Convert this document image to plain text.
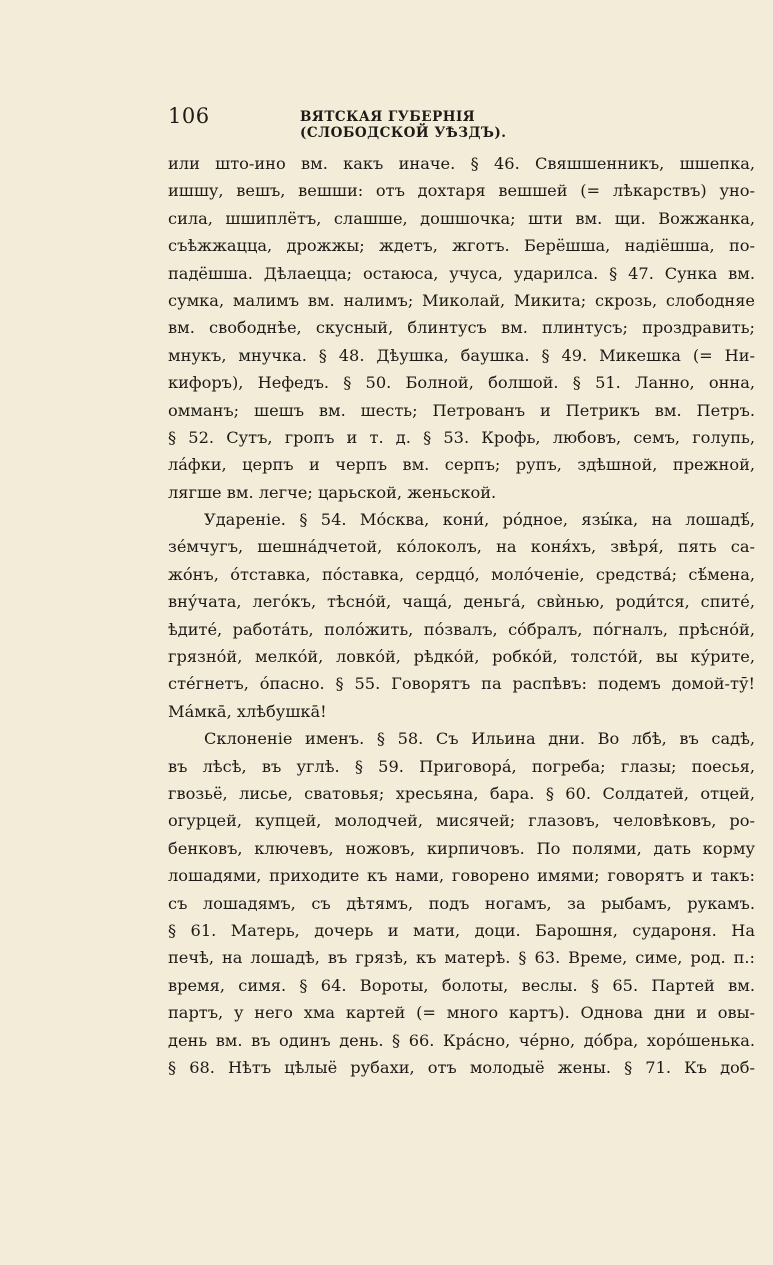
106	ВЯТСКАЯ ГУБЕРНІЯ (СЛОБОДСКОЙ УѢЗДЪ).
или што-ино вм. какъ иначе. § 46. Свяшшенникъ, шшепка,
ишшу, вешъ, вешши: отъ дохтаря вешшей (= лѣкарствъ) уно-
сила, шшиплётъ, слашше, дошшочка; шти вм. щи. Вожжанка,
съѣжжацца, дрожжы; ждетъ, жготъ. Берёшша, надiёшша, по-
падёшша. Дѣлаецца; остаюса, учуса, ударилса. § 47. Сунка вм.
сумка, малимъ вм. налимъ; Миколай, Микита; скрозь, слободняе
вм. свободнѣе, скусный, блинтусъ вм. плинтусъ; проздравить;
мнукъ, мнучка. § 48. Дѣушка, баушка. § 49. Микешка (= Ни-
кифоръ), Нефедъ. § 50. Болной, болшой. § 51. Ланно, онна,
омманъ; шешъ вм. шесть; Петрованъ и Петрикъ вм. Петръ.
§ 52. Сутъ, гропъ и т. д. § 53. Крофь, любовъ, семъ, голупь,
лáфки, церпъ и черпъ вм. серпъ; рупъ, здѣшной, прежной,
лягше вм. легче; царьской, женьской.
Удареніе. § 54. Мóсква, кони́, рóдное, язы́ка, на лошадѣ́,
зéмчугъ, шешнáдчетой, кóлоколъ, на коня́хъ, звѣря́, пять са-
жóнъ, óтставка, пóставка, сердцó, молóченіе, средствá; сѣ́мена,
вну́чата, легóкъ, тѣснóй, чащá, деньгá, свѝнью, роди́тся, спитé,
ѣдитé, работáть, полóжить, пóзвалъ, сóбралъ, пóгналъ, прѣснóй,
грязнóй, мелкóй, ловкóй, рѣдкóй, робкóй, толстóй, вы ку́рите,
стéгнетъ, óпасно. § 55. Говорятъ па распѣвъ: подемъ домой-тӯ!
Мáмка̄, хлѣбушка̄!
Склоненіе именъ. § 58. Съ Ильина дни. Во лбѣ, въ садѣ,
въ лѣсѣ, въ углѣ. § 59. Приговорá, погреба; глазы; поесья,
гвозьё, лисье, сватовья; хресьяна, бара. § 60. Солдатей, отцей,
огурцей, купцей, молодчей, мисячей; глазовъ, человѣковъ, ро-
бенковъ, ключевъ, ножовъ, кирпичовъ. По полями, дать корму
лошадями, приходите къ нами, говорено имями; говорятъ и такъ:
съ лошадямъ, съ дѣтямъ, подъ ногамъ, за рыбамъ, рукамъ.
§ 61. Матерь, дочерь и мати, доци. Барошня, судароня. На
печѣ, на лошадѣ, въ грязѣ, къ матерѣ. § 63. Време, симе, род. п.:
время, симя. § 64. Вороты, болоты, веслы. § 65. Партей вм.
партъ, у него хма картей (= много картъ). Однова дни и овы-
день вм. въ одинъ день. § 66. Крáсно, чéрно, дóбра, хорóшенька.
§ 68. Нѣтъ цѣлыё рубахи, отъ молодыё жены. § 71. Къ доб-
